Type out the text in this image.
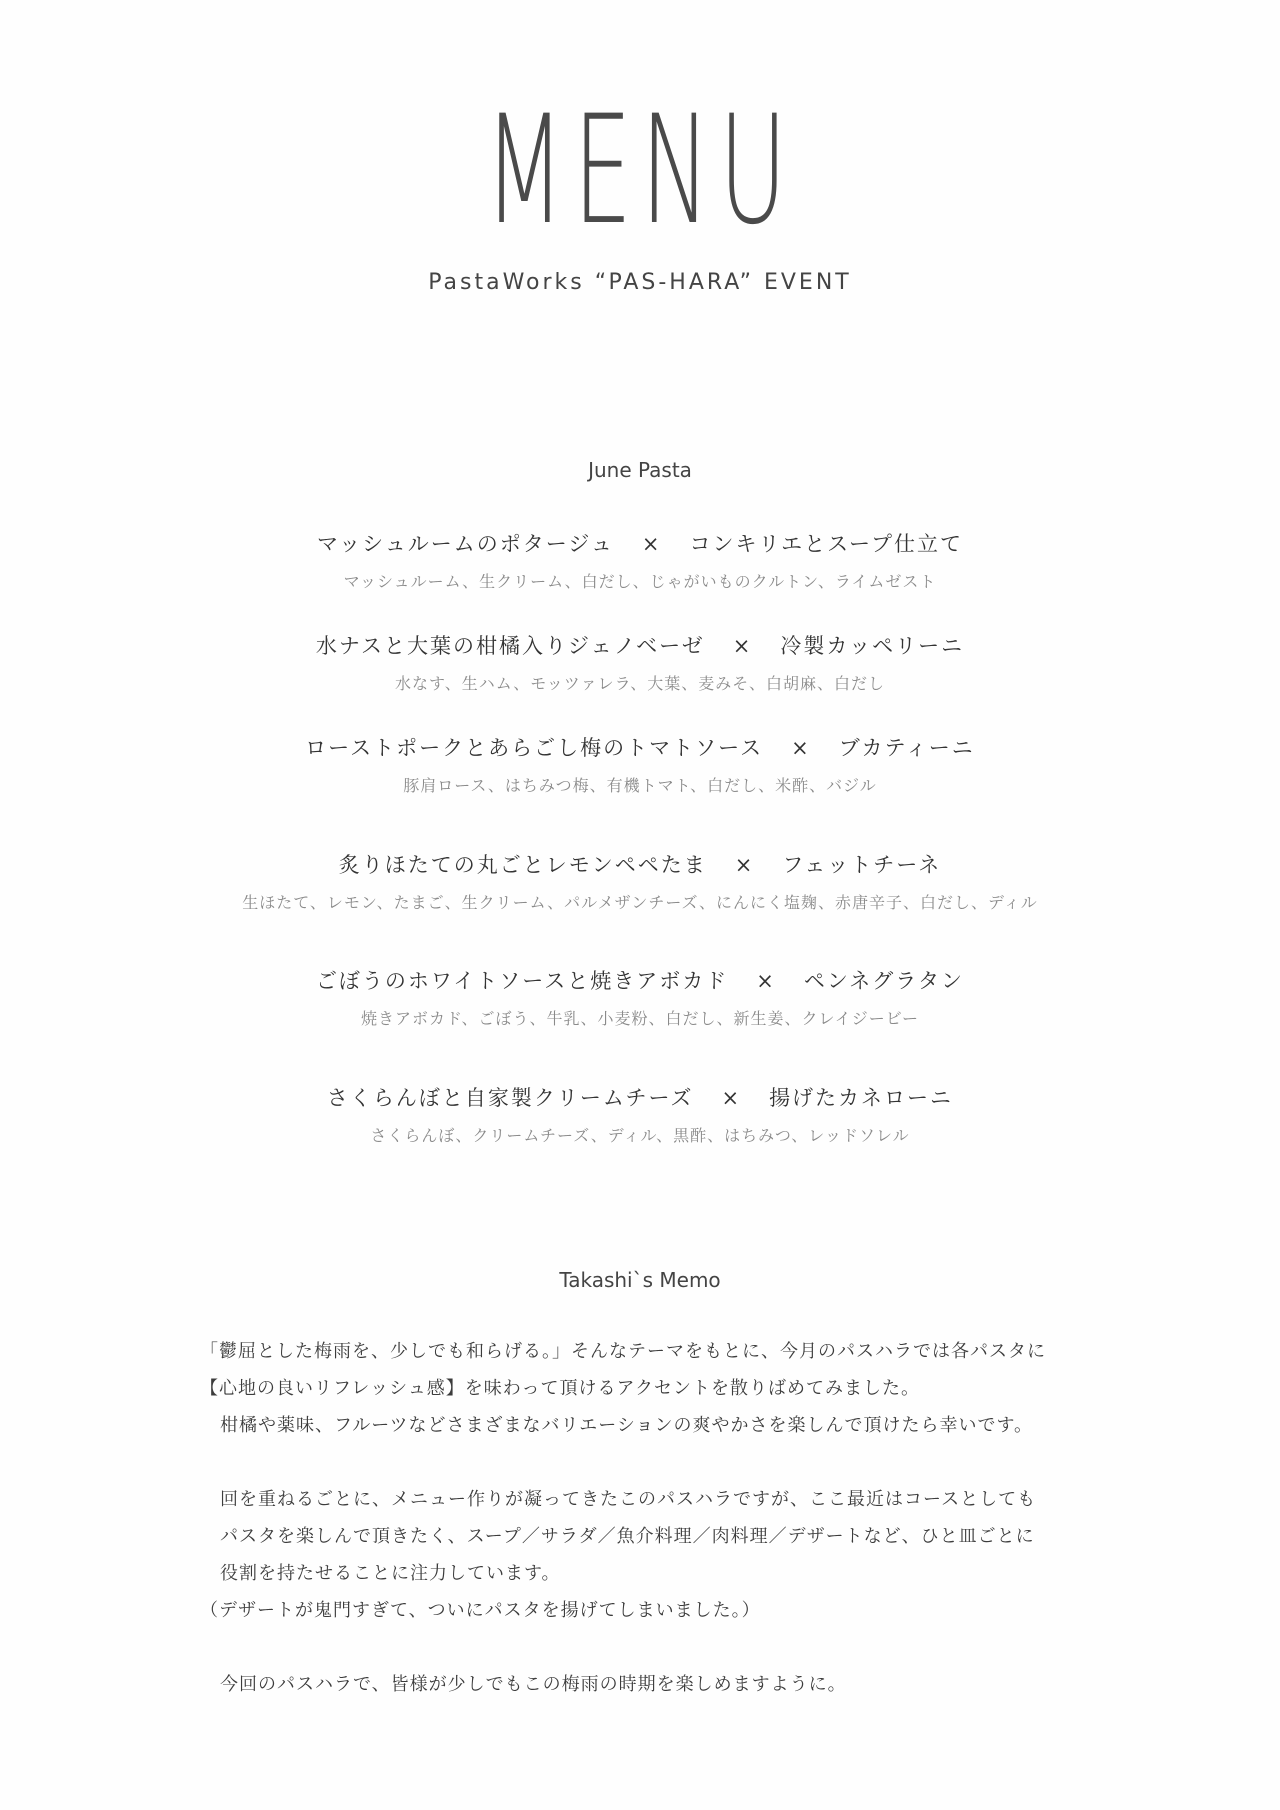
MENU
PastaWorks “PAS-HARA” EVENT
June Pasta
マッシュルームのポタージュ × コンキリエとスープ仕立て
マッシュルーム、生クリーム、白だし、じゃがいものクルトン、ライムゼスト
水ナスと大葉の柑橘入りジェノベーゼ × 冷製カッペリーニ
水なす、生ハム、モッツァレラ、大葉、麦みそ、白胡麻、白だし
ローストポークとあらごし梅のトマトソース × ブカティーニ
豚肩ロース、はちみつ梅、有機トマト、白だし、米酢、バジル
炙りほたての丸ごとレモンペペたま × フェットチーネ
生ほたて、レモン、たまご、生クリーム、パルメザンチーズ、にんにく塩麹、赤唐辛子、白だし、ディル
ごぼうのホワイトソースと焼きアボカド × ペンネグラタン
焼きアボカド、ごぼう、牛乳、小麦粉、白だし、新生姜、クレイジービー
さくらんぼと自家製クリームチーズ × 揚げたカネローニ
さくらんぼ、クリームチーズ、ディル、黒酢、はちみつ、レッドソレル
Takashi`s Memo
「鬱屈とした梅雨を、少しでも和らげる。」そんなテーマをもとに、今月のパスハラでは各パスタに
【心地の良いリフレッシュ感】を味わって頂けるアクセントを散りばめてみました。
柑橘や薬味、フルーツなどさまざまなバリエーションの爽やかさを楽しんで頂けたら幸いです。
回を重ねるごとに、メニュー作りが凝ってきたこのパスハラですが、ここ最近はコースとしても
パスタを楽しんで頂きたく、スープ／サラダ／魚介料理／肉料理／デザートなど、ひと皿ごとに
役割を持たせることに注力しています。
（デザートが鬼門すぎて、ついにパスタを揚げてしまいました。）
今回のパスハラで、皆様が少しでもこの梅雨の時期を楽しめますように。
